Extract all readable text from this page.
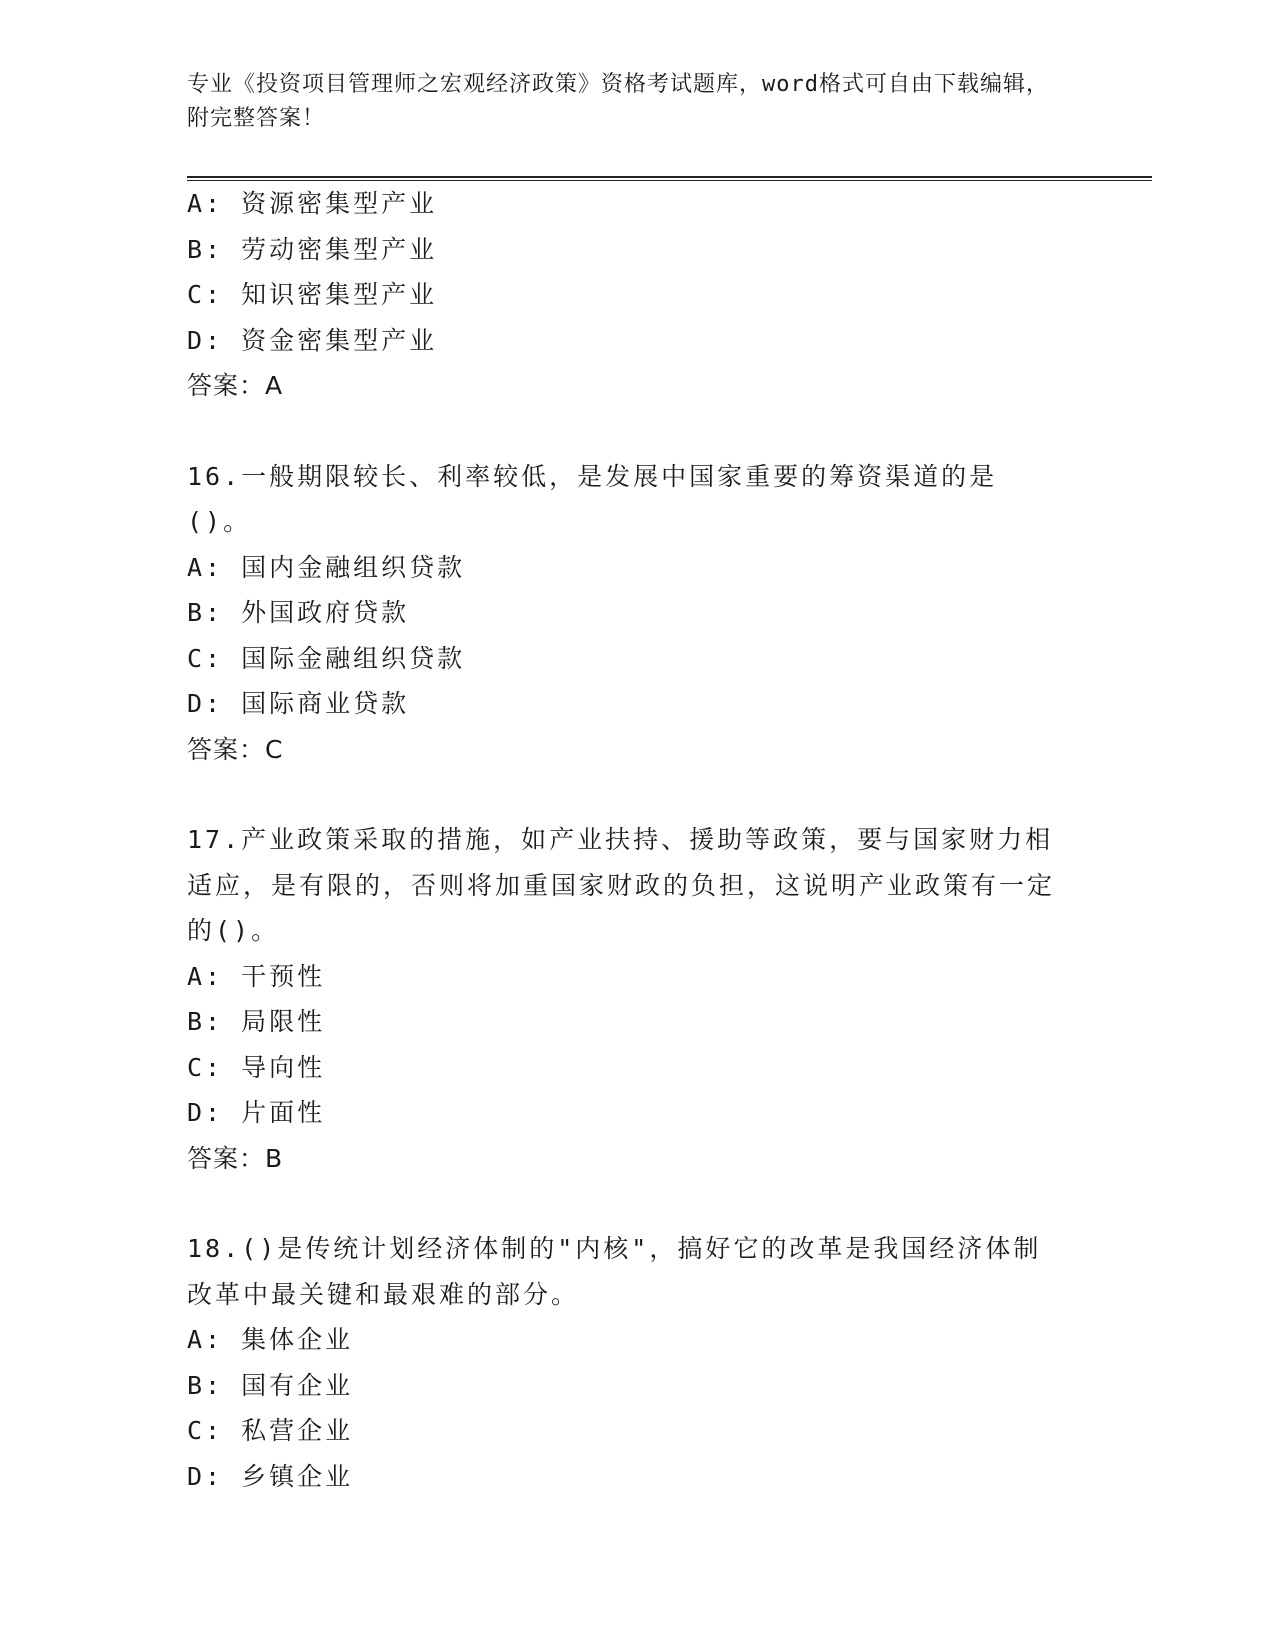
专业《投资项目管理师之宏观经济政策》资格考试题库，word格式可自由下载编辑，附完整答案！

A: 资源密集型产业

B: 劳动密集型产业

C: 知识密集型产业

D: 资金密集型产业

答案：A

16.一般期限较长、利率较低，是发展中国家重要的筹资渠道的是()。

A: 国内金融组织贷款

B: 外国政府贷款

C: 国际金融组织贷款

D: 国际商业贷款

答案：C

17.产业政策采取的措施，如产业扶持、援助等政策，要与国家财力相适应，是有限的，否则将加重国家财政的负担，这说明产业政策有一定的()。

A: 干预性

B: 局限性

C: 导向性

D: 片面性

答案：B

18.()是传统计划经济体制的"内核"，搞好它的改革是我国经济体制改革中最关键和最艰难的部分。

A: 集体企业

B: 国有企业

C: 私营企业

D: 乡镇企业
